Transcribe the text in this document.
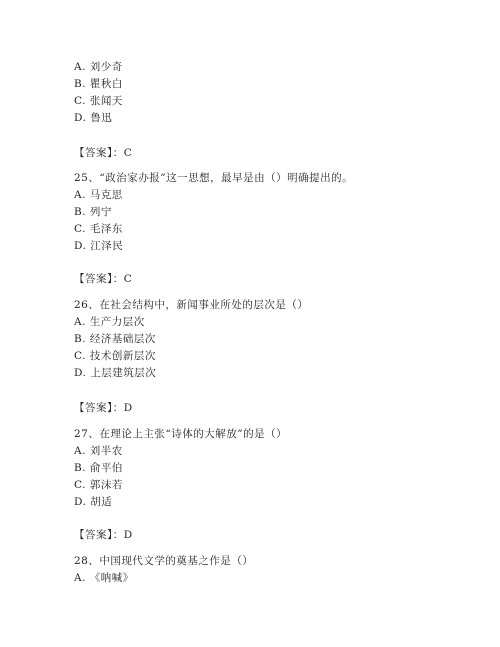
A. 刘少奇
B. 瞿秋白
C. 张闻天
D. 鲁迅
【答案】：C
25、“政治家办报”这一思想，最早是由（）明确提出的。
A. 马克思
B. 列宁
C. 毛泽东
D. 江泽民
【答案】：C
26、在社会结构中，新闻事业所处的层次是（）
A. 生产力层次
B. 经济基础层次
C. 技术创新层次
D. 上层建筑层次
【答案】：D
27、在理论上主张“诗体的大解放”的是（）
A. 刘半农
B. 俞平伯
C. 郭沫若
D. 胡适
【答案】：D
28、中国现代文学的奠基之作是（）
A. 《呐喊》
